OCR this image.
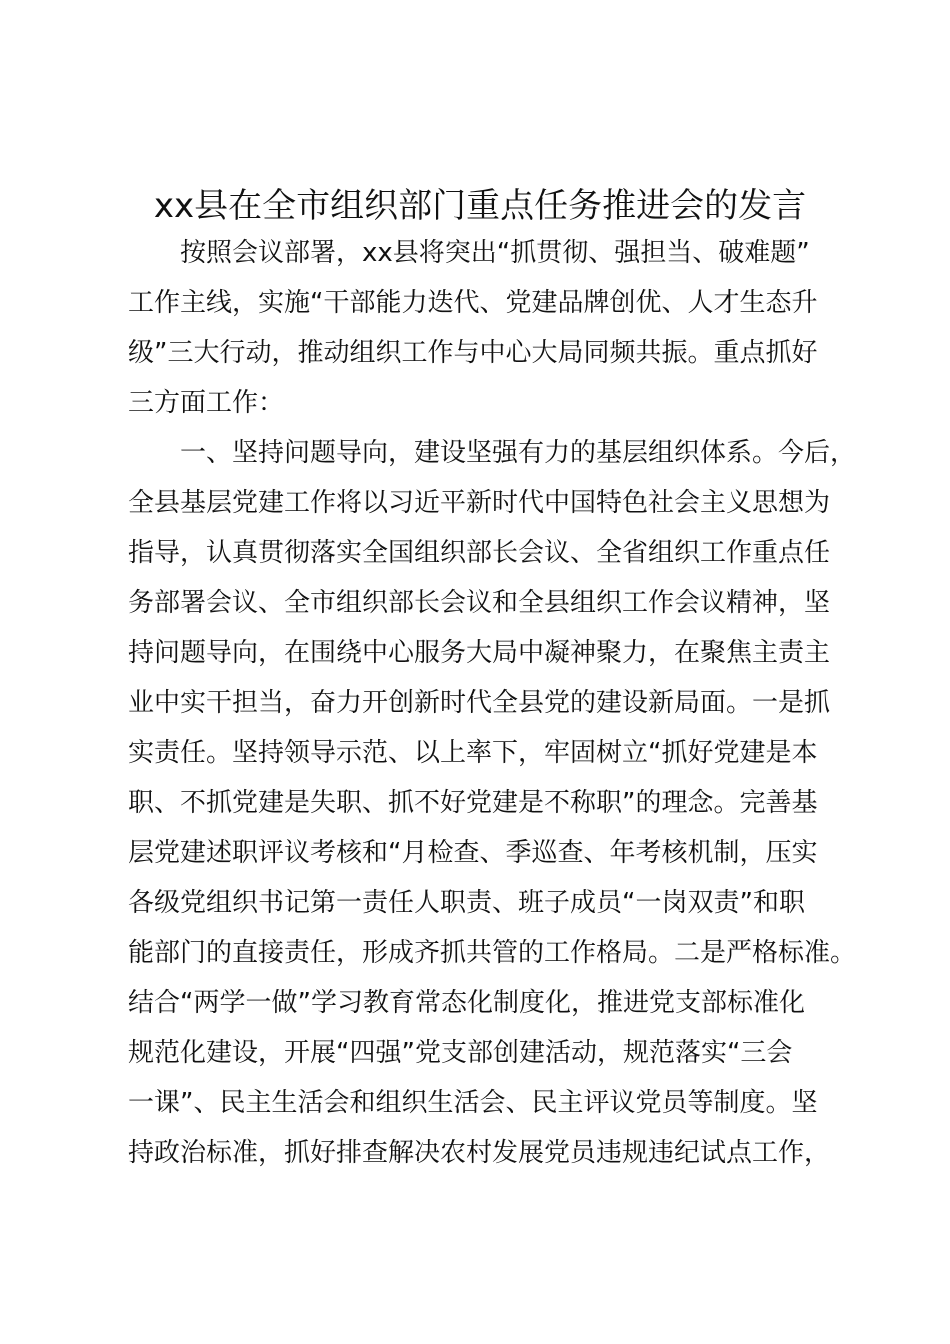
xx县在全市组织部门重点任务推进会的发言
按照会议部署，xx县将突出“抓贯彻、强担当、破难题”
工作主线，实施“干部能力迭代、党建品牌创优、人才生态升
级”三大行动，推动组织工作与中心大局同频共振。重点抓好
三方面工作：
一、坚持问题导向，建设坚强有力的基层组织体系。今后，
全县基层党建工作将以习近平新时代中国特色社会主义思想为
指导，认真贯彻落实全国组织部长会议、全省组织工作重点任
务部署会议、全市组织部长会议和全县组织工作会议精神，坚
持问题导向，在围绕中心服务大局中凝神聚力，在聚焦主责主
业中实干担当，奋力开创新时代全县党的建设新局面。一是抓
实责任。坚持领导示范、以上率下，牢固树立“抓好党建是本
职、不抓党建是失职、抓不好党建是不称职”的理念。完善基
层党建述职评议考核和“月检查、季巡查、年考核机制，压实
各级党组织书记第一责任人职责、班子成员“一岗双责”和职
能部门的直接责任，形成齐抓共管的工作格局。二是严格标准。
结合“两学一做”学习教育常态化制度化，推进党支部标准化
规范化建设，开展“四强”党支部创建活动，规范落实“三会
一课”、民主生活会和组织生活会、民主评议党员等制度。坚
持政治标准，抓好排查解决农村发展党员违规违纪试点工作，
